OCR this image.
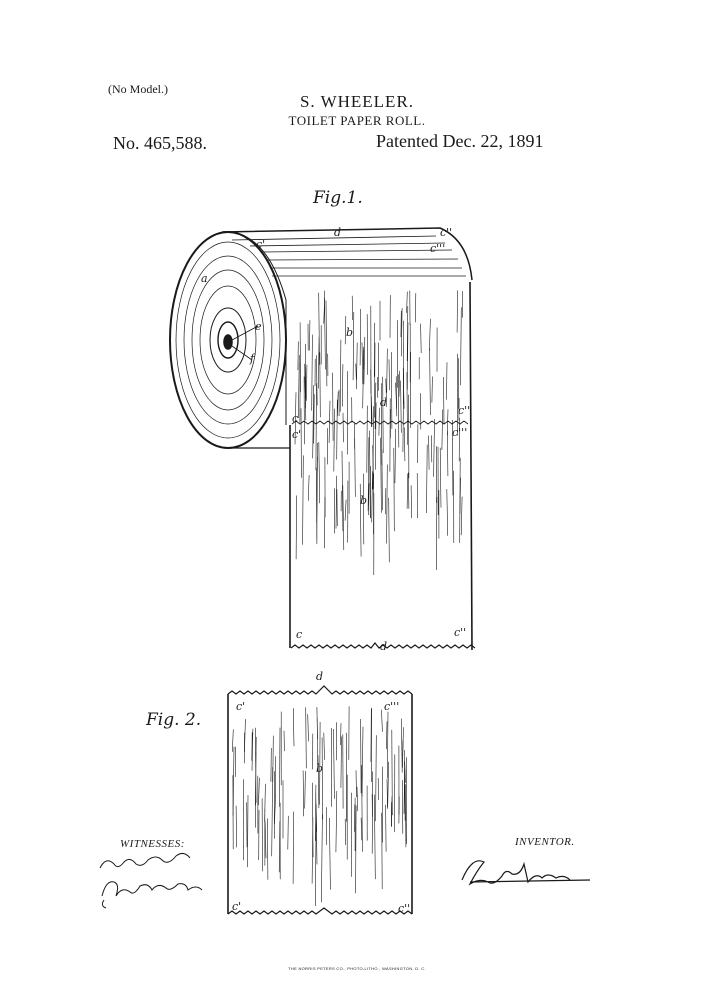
(No Model.)
S. WHEELER.
TOILET PAPER ROLL.
No. 465,588.	Patented Dec. 22, 1891
Fig.1.
Fig. 2.
a
b
b
b
d
d
d
d
e
f
c''
c'''
c'
c
c'
c''
c'''
c	c''
c'	c'''
c'	c''
WITNESSES:	INVENTOR.
THE NORRIS PETERS CO., PHOTO-LITHO., WASHINGTON, D. C.
